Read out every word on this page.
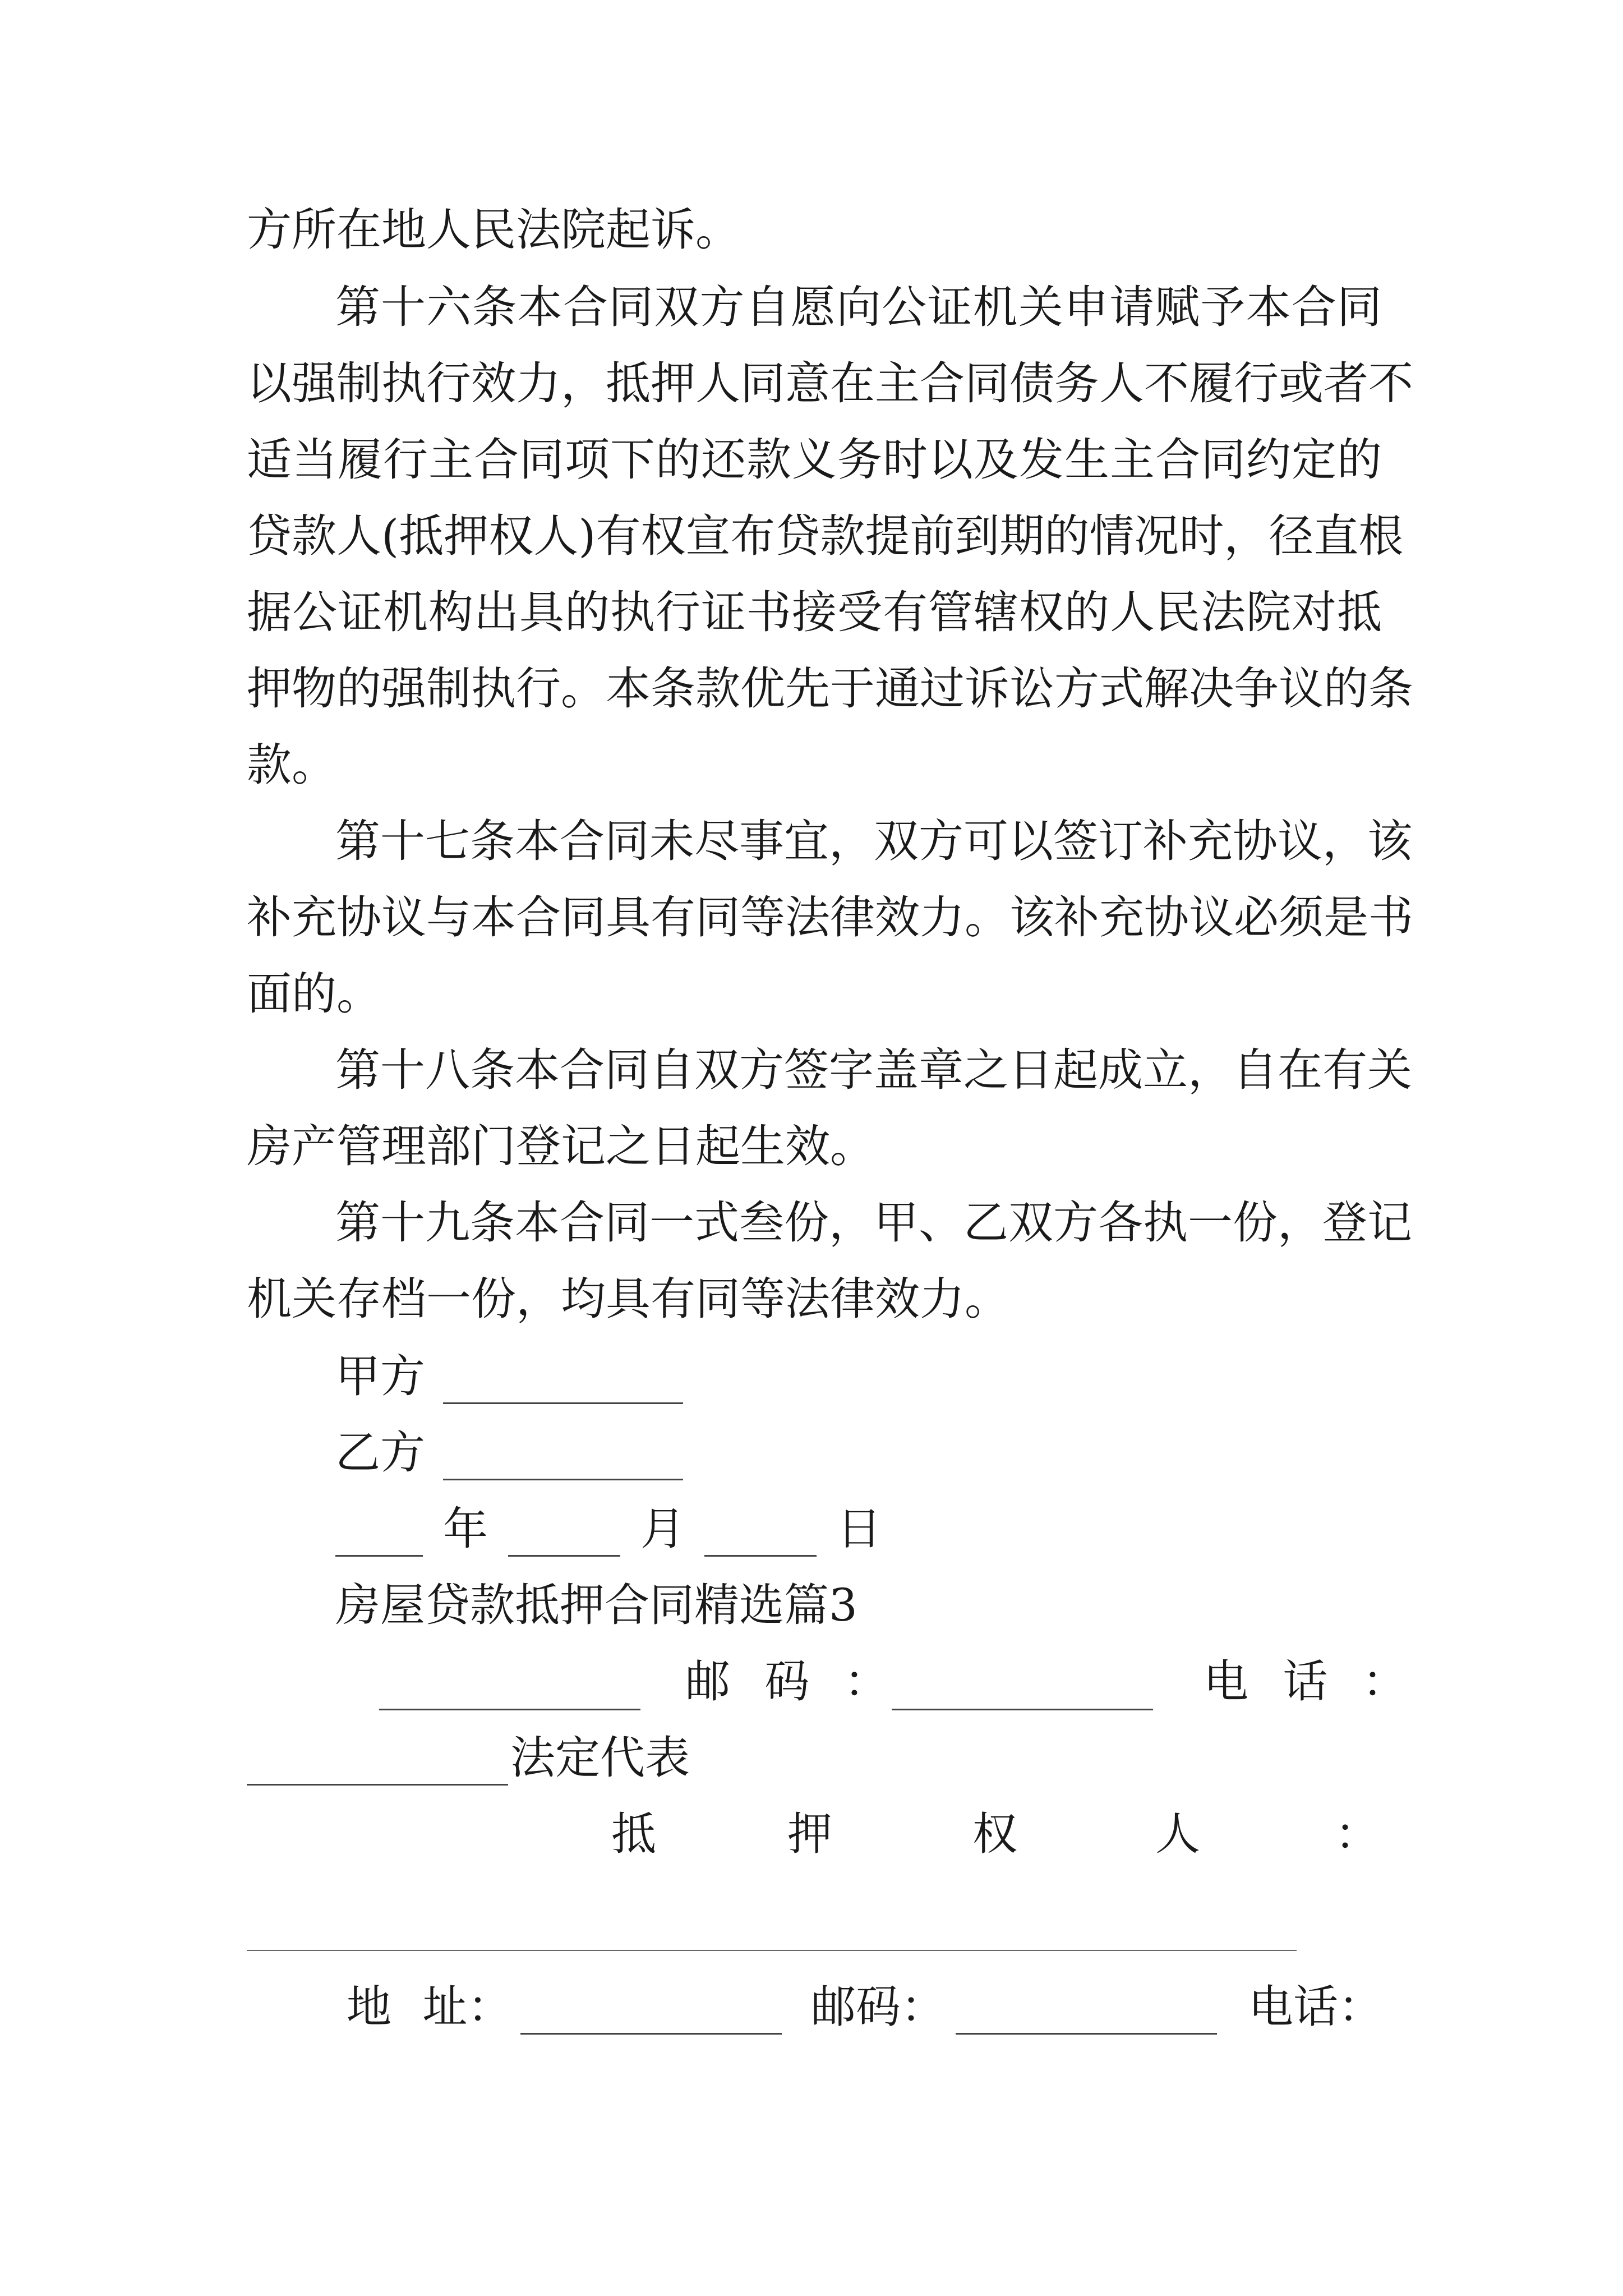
方所在地人民法院起诉。
第十六条本合同双方自愿向公证机关申请赋予本合同
以强制执行效力，抵押人同意在主合同债务人不履行或者不
适当履行主合同项下的还款义务时以及发生主合同约定的
贷款人(抵押权人)有权宣布贷款提前到期的情况时，径直根
据公证机构出具的执行证书接受有管辖权的人民法院对抵
押物的强制执行。本条款优先于通过诉讼方式解决争议的条
款。
第十七条本合同未尽事宜，双方可以签订补充协议，该
补充协议与本合同具有同等法律效力。该补充协议必须是书
面的。
第十八条本合同自双方签字盖章之日起成立，自在有关
房产管理部门登记之日起生效。
第十九条本合同一式叁份，甲、乙双方各执一份，登记
机关存档一份，均具有同等法律效力。
甲方
乙方
年	月	日
房屋贷款抵押合同精选篇3
邮 码 ：	电 话 ：
法定代表
抵	押	权	人	：
地 址：	邮码：	电话：
